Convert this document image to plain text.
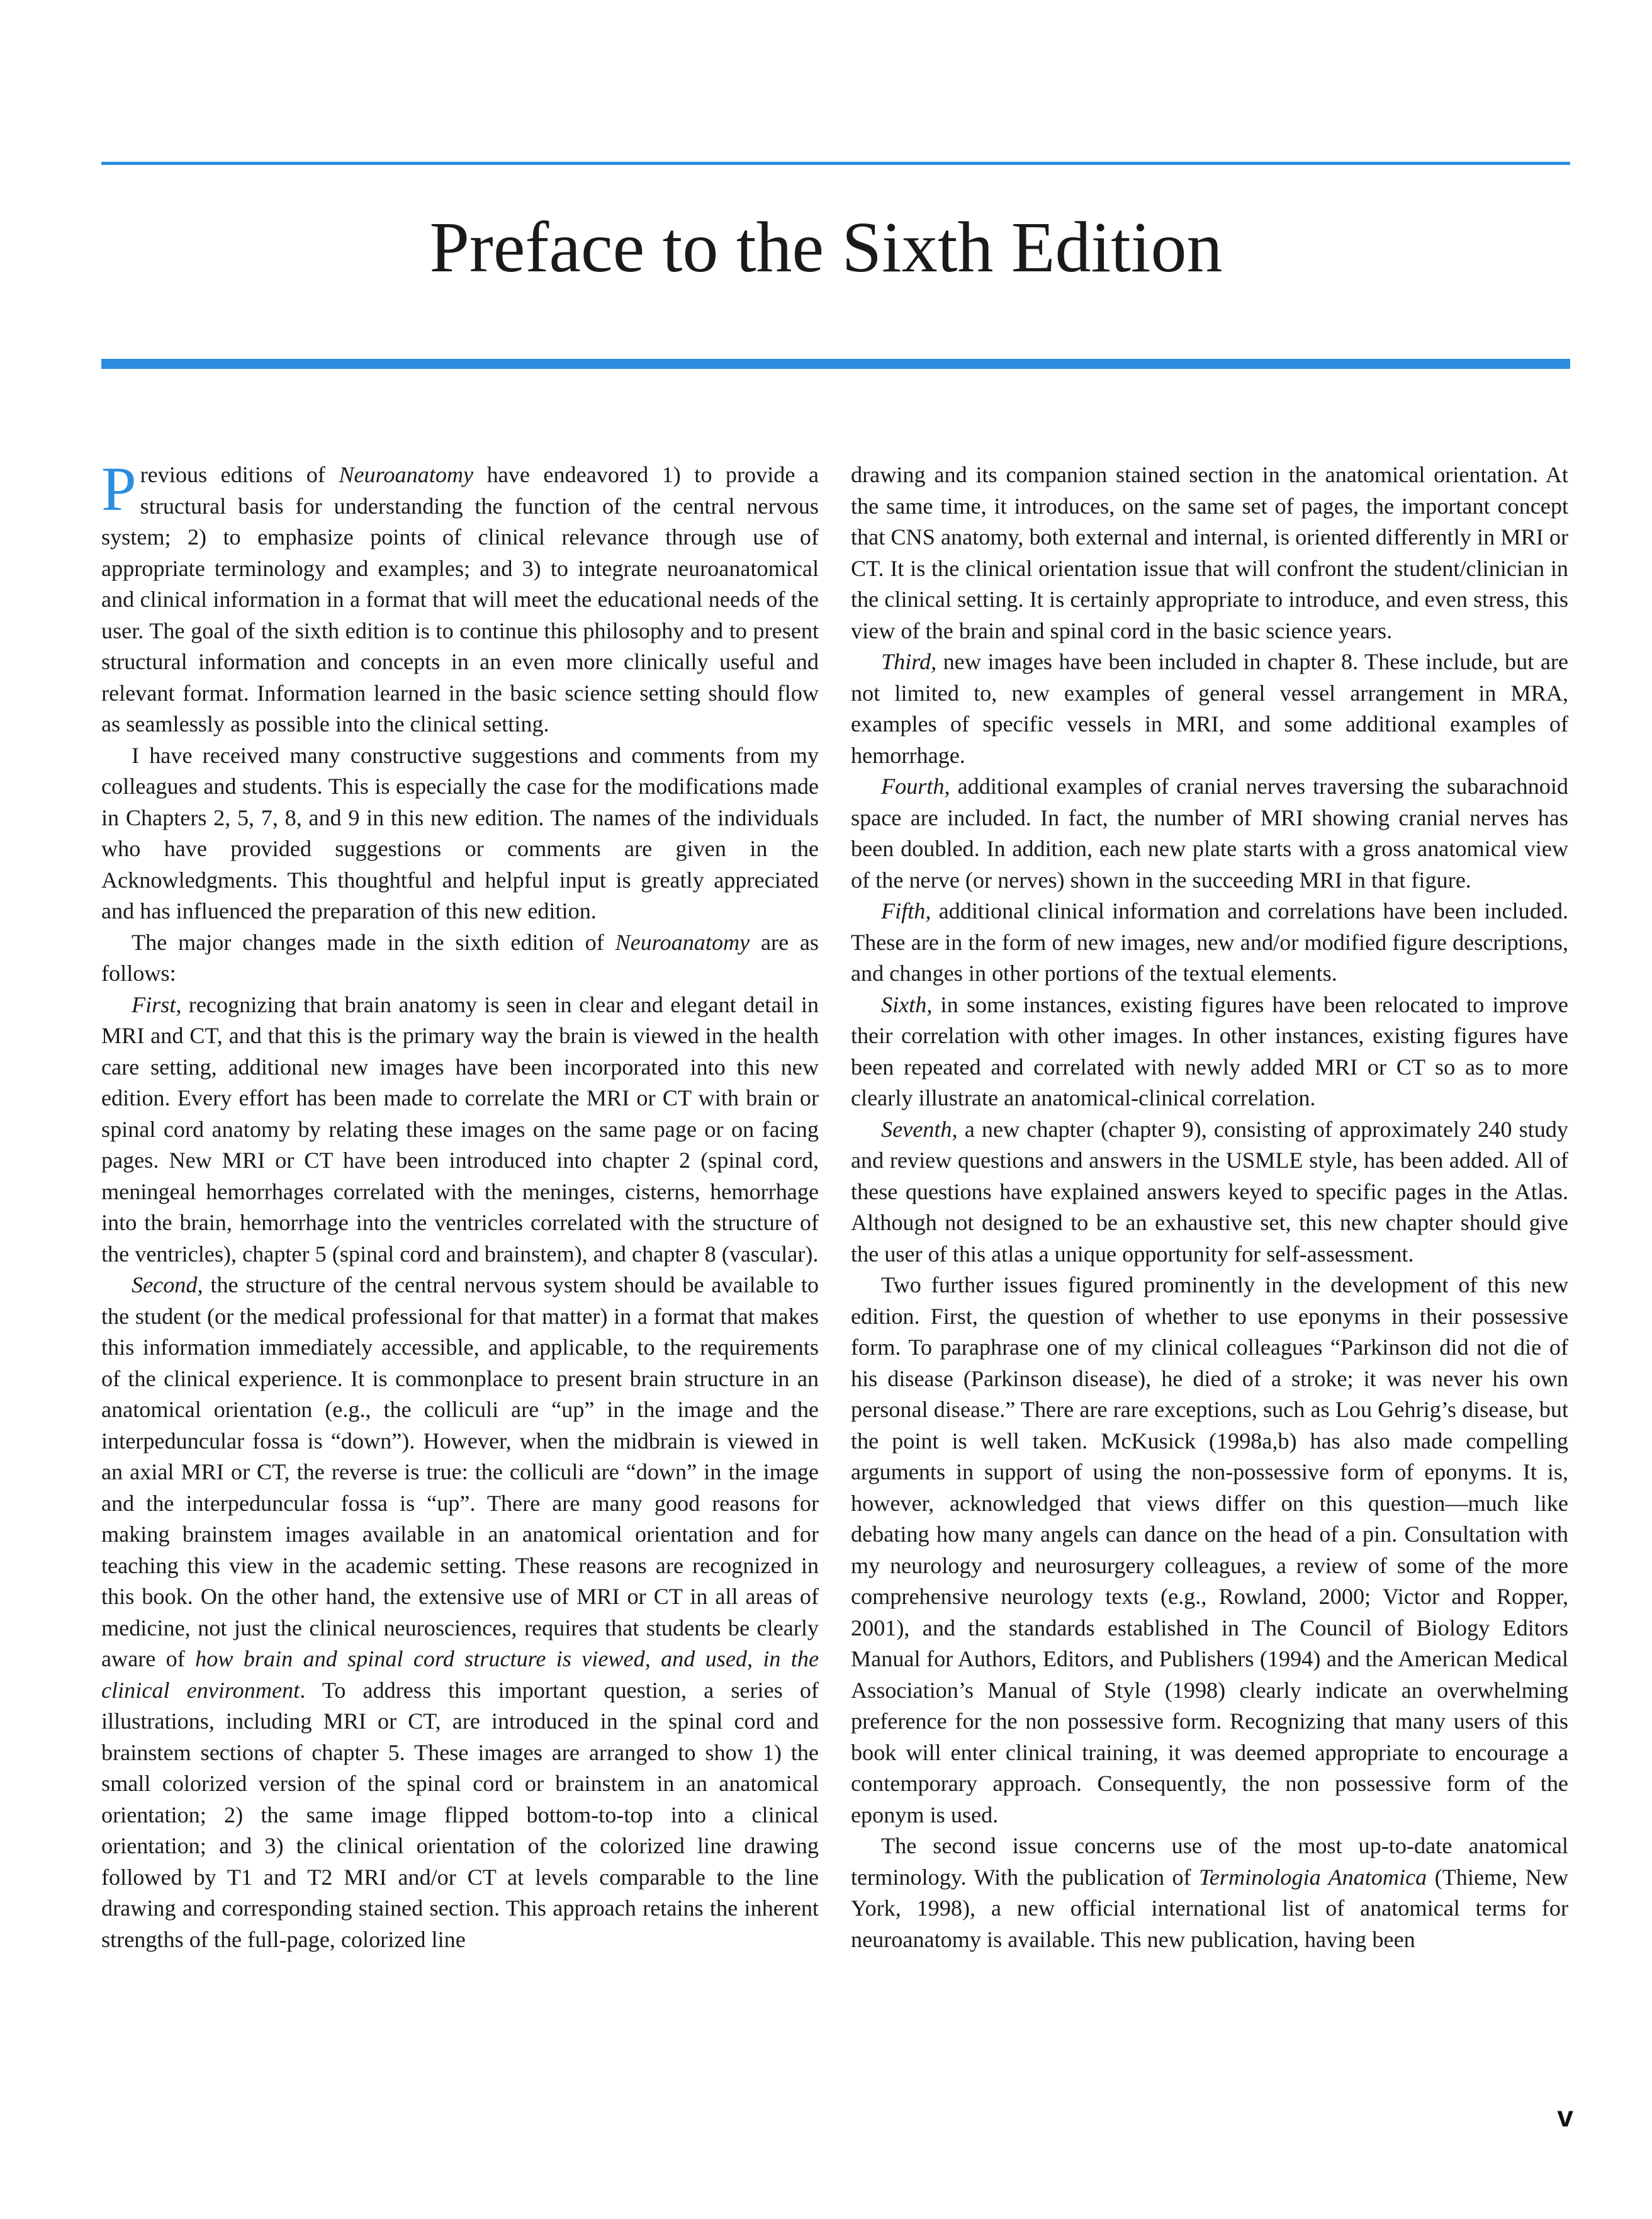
Preface to the Sixth Edition

Previous editions of Neuroanatomy have endeavored 1) to provide a structural basis for understanding the function of the central nervous system; 2) to emphasize points of clinical relevance through use of appropriate terminology and examples; and 3) to integrate neuroanatomical and clinical information in a format that will meet the educational needs of the user. The goal of the sixth edition is to continue this philosophy and to present structural information and concepts in an even more clinically useful and relevant format. Information learned in the basic science setting should flow as seamlessly as possible into the clinical setting.

I have received many constructive suggestions and comments from my colleagues and students. This is especially the case for the modifications made in Chapters 2, 5, 7, 8, and 9 in this new edition. The names of the individuals who have provided suggestions or comments are given in the Acknowledgments. This thoughtful and helpful input is greatly appreciated and has influenced the preparation of this new edition.

The major changes made in the sixth edition of Neuroanatomy are as follows:

First, recognizing that brain anatomy is seen in clear and elegant detail in MRI and CT, and that this is the primary way the brain is viewed in the health care setting, additional new images have been incorporated into this new edition. Every effort has been made to correlate the MRI or CT with brain or spinal cord anatomy by relating these images on the same page or on facing pages. New MRI or CT have been introduced into chapter 2 (spinal cord, meningeal hemorrhages correlated with the meninges, cisterns, hemorrhage into the brain, hemorrhage into the ventricles correlated with the structure of the ventricles), chapter 5 (spinal cord and brainstem), and chapter 8 (vascular).

Second, the structure of the central nervous system should be available to the student (or the medical professional for that matter) in a format that makes this information immediately accessible, and applicable, to the requirements of the clinical experience. It is commonplace to present brain structure in an anatomical orientation (e.g., the colliculi are “up” in the image and the interpeduncular fossa is “down”). However, when the midbrain is viewed in an axial MRI or CT, the reverse is true: the colliculi are “down” in the image and the interpeduncular fossa is “up”. There are many good reasons for making brainstem images available in an anatomical orientation and for teaching this view in the academic setting. These reasons are recognized in this book. On the other hand, the extensive use of MRI or CT in all areas of medicine, not just the clinical neurosciences, requires that students be clearly aware of how brain and spinal cord structure is viewed, and used, in the clinical environment. To address this important question, a series of illustrations, including MRI or CT, are introduced in the spinal cord and brainstem sections of chapter 5. These images are arranged to show 1) the small colorized version of the spinal cord or brainstem in an anatomical orientation; 2) the same image flipped bottom-to-top into a clinical orientation; and 3) the clinical orientation of the colorized line drawing followed by T1 and T2 MRI and/or CT at levels comparable to the line drawing and corresponding stained section. This approach retains the inherent strengths of the full-page, colorized line

drawing and its companion stained section in the anatomical orientation. At the same time, it introduces, on the same set of pages, the important concept that CNS anatomy, both external and internal, is oriented differently in MRI or CT. It is the clinical orientation issue that will confront the student/clinician in the clinical setting. It is certainly appropriate to introduce, and even stress, this view of the brain and spinal cord in the basic science years.

Third, new images have been included in chapter 8. These include, but are not limited to, new examples of general vessel arrangement in MRA, examples of specific vessels in MRI, and some additional examples of hemorrhage.

Fourth, additional examples of cranial nerves traversing the subarachnoid space are included. In fact, the number of MRI showing cranial nerves has been doubled. In addition, each new plate starts with a gross anatomical view of the nerve (or nerves) shown in the succeeding MRI in that figure.

Fifth, additional clinical information and correlations have been included. These are in the form of new images, new and/or modified figure descriptions, and changes in other portions of the textual elements.

Sixth, in some instances, existing figures have been relocated to improve their correlation with other images. In other instances, existing figures have been repeated and correlated with newly added MRI or CT so as to more clearly illustrate an anatomical-clinical correlation.

Seventh, a new chapter (chapter 9), consisting of approximately 240 study and review questions and answers in the USMLE style, has been added. All of these questions have explained answers keyed to specific pages in the Atlas. Although not designed to be an exhaustive set, this new chapter should give the user of this atlas a unique opportunity for self-assessment.

Two further issues figured prominently in the development of this new edition. First, the question of whether to use eponyms in their possessive form. To paraphrase one of my clinical colleagues “Parkinson did not die of his disease (Parkinson disease), he died of a stroke; it was never his own personal disease.” There are rare exceptions, such as Lou Gehrig’s disease, but the point is well taken. McKusick (1998a,b) has also made compelling arguments in support of using the non-possessive form of eponyms. It is, however, acknowledged that views differ on this question—much like debating how many angels can dance on the head of a pin. Consultation with my neurology and neurosurgery colleagues, a review of some of the more comprehensive neurology texts (e.g., Rowland, 2000; Victor and Ropper, 2001), and the standards established in The Council of Biology Editors Manual for Authors, Editors, and Publishers (1994) and the American Medical Association’s Manual of Style (1998) clearly indicate an overwhelming preference for the non possessive form. Recognizing that many users of this book will enter clinical training, it was deemed appropriate to encourage a contemporary approach. Consequently, the non possessive form of the eponym is used.

The second issue concerns use of the most up-to-date anatomical terminology. With the publication of Terminologia Anatomica (Thieme, New York, 1998), a new official international list of anatomical terms for neuroanatomy is available. This new publication, having been

v
